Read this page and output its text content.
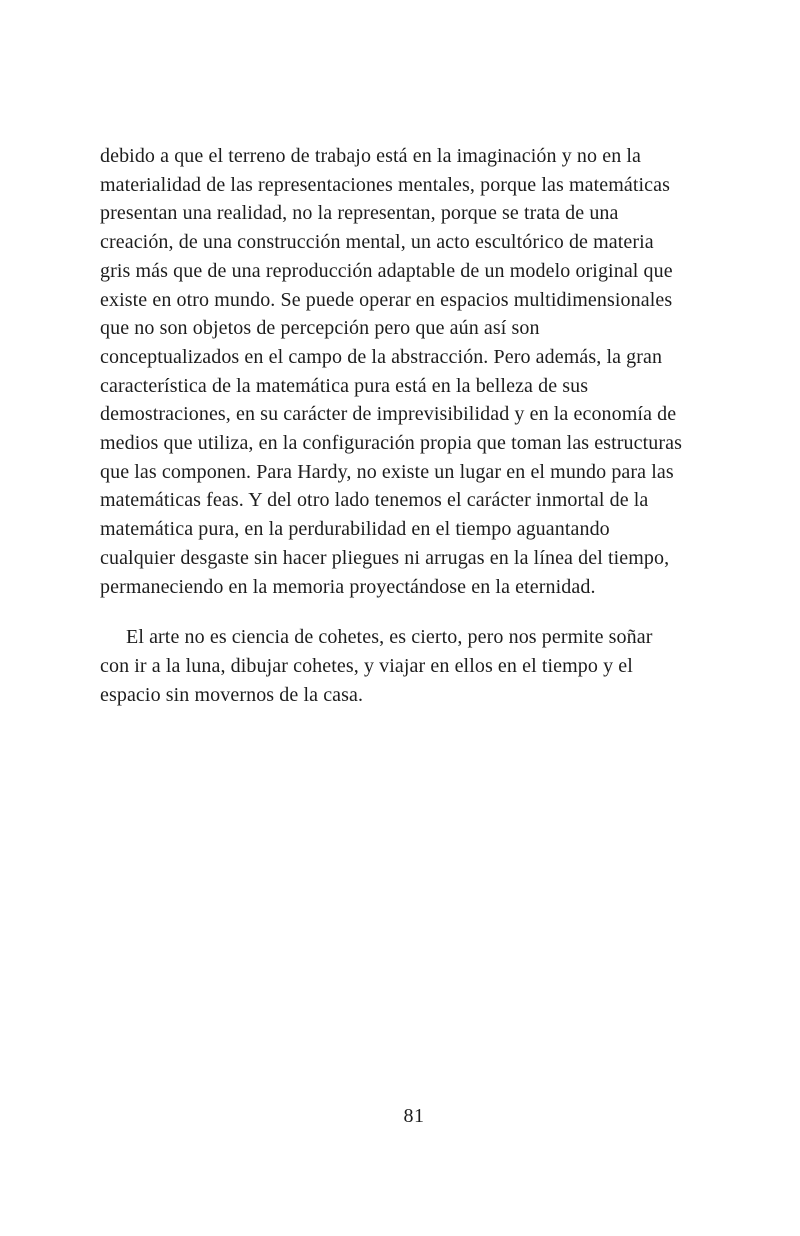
debido a que el terreno de trabajo está en la imaginación y no en la
materialidad de las representaciones mentales, porque las matemáticas
presentan una realidad, no la representan, porque se trata de una
creación, de una construcción mental, un acto escultórico de materia
gris más que de una reproducción adaptable de un modelo original que
existe en otro mundo. Se puede operar en espacios multidimensionales
que no son objetos de percepción pero que aún así son
conceptualizados en el campo de la abstracción. Pero además, la gran
característica de la matemática pura está en la belleza de sus
demostraciones, en su carácter de imprevisibilidad y en la economía de
medios que utiliza, en la configuración propia que toman las estructuras
que las componen. Para Hardy, no existe un lugar en el mundo para las
matemáticas feas. Y del otro lado tenemos el carácter inmortal de la
matemática pura, en la perdurabilidad en el tiempo aguantando
cualquier desgaste sin hacer pliegues ni arrugas en la línea del tiempo,
permaneciendo en la memoria proyectándose en la eternidad.
El arte no es ciencia de cohetes, es cierto, pero nos permite soñar
con ir a la luna, dibujar cohetes, y viajar en ellos en el tiempo y el
espacio sin movernos de la casa.
81
